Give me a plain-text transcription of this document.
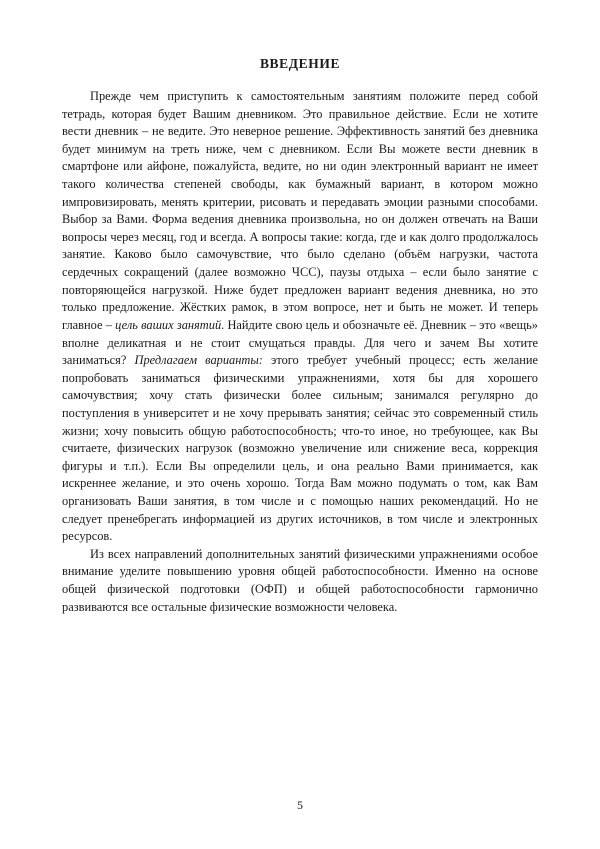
ВВЕДЕНИЕ

Прежде чем приступить к самостоятельным занятиям положите перед собой тетрадь, которая будет Вашим дневником. Это правильное действие. Если не хотите вести дневник – не ведите. Это неверное решение. Эффективность занятий без дневника будет минимум на треть ниже, чем с дневником. Если Вы можете вести дневник в смартфоне или айфоне, пожалуйста, ведите, но ни один электронный вариант не имеет такого количества степеней свободы, как бумажный вариант, в котором можно импровизировать, менять критерии, рисовать и передавать эмоции разными способами. Выбор за Вами. Форма ведения дневника произвольна, но он должен отвечать на Ваши вопросы через месяц, год и всегда. А вопросы такие: когда, где и как долго продолжалось занятие. Каково было самочувствие, что было сделано (объём нагрузки, частота сердечных сокращений (далее возможно ЧСС), паузы отдыха – если было занятие с повторяющейся нагрузкой. Ниже будет предложен вариант ведения дневника, но это только предложение. Жёстких рамок, в этом вопросе, нет и быть не может. И теперь главное – цель ваших занятий. Найдите свою цель и обозначьте её. Дневник – это «вещь» вполне деликатная и не стоит смущаться правды. Для чего и зачем Вы хотите заниматься? Предлагаем варианты: этого требует учебный процесс; есть желание попробовать заниматься физическими упражнениями, хотя бы для хорошего самочувствия; хочу стать физически более сильным; занимался регулярно до поступления в университет и не хочу прерывать занятия; сейчас это современный стиль жизни; хочу повысить общую работоспособность; что-то иное, но требующее, как Вы считаете, физических нагрузок (возможно увеличение или снижение веса, коррекция фигуры и т.п.). Если Вы определили цель, и она реально Вами принимается, как искреннее желание, и это очень хорошо. Тогда Вам можно подумать о том, как Вам организовать Ваши занятия, в том числе и с помощью наших рекомендаций. Но не следует пренебрегать информацией из других источников, в том числе и электронных ресурсов.

Из всех направлений дополнительных занятий физическими упражнениями особое внимание уделите повышению уровня общей работоспособности. Именно на основе общей физической подготовки (ОФП) и общей работоспособности гармонично развиваются все остальные физические возможности человека.

5
